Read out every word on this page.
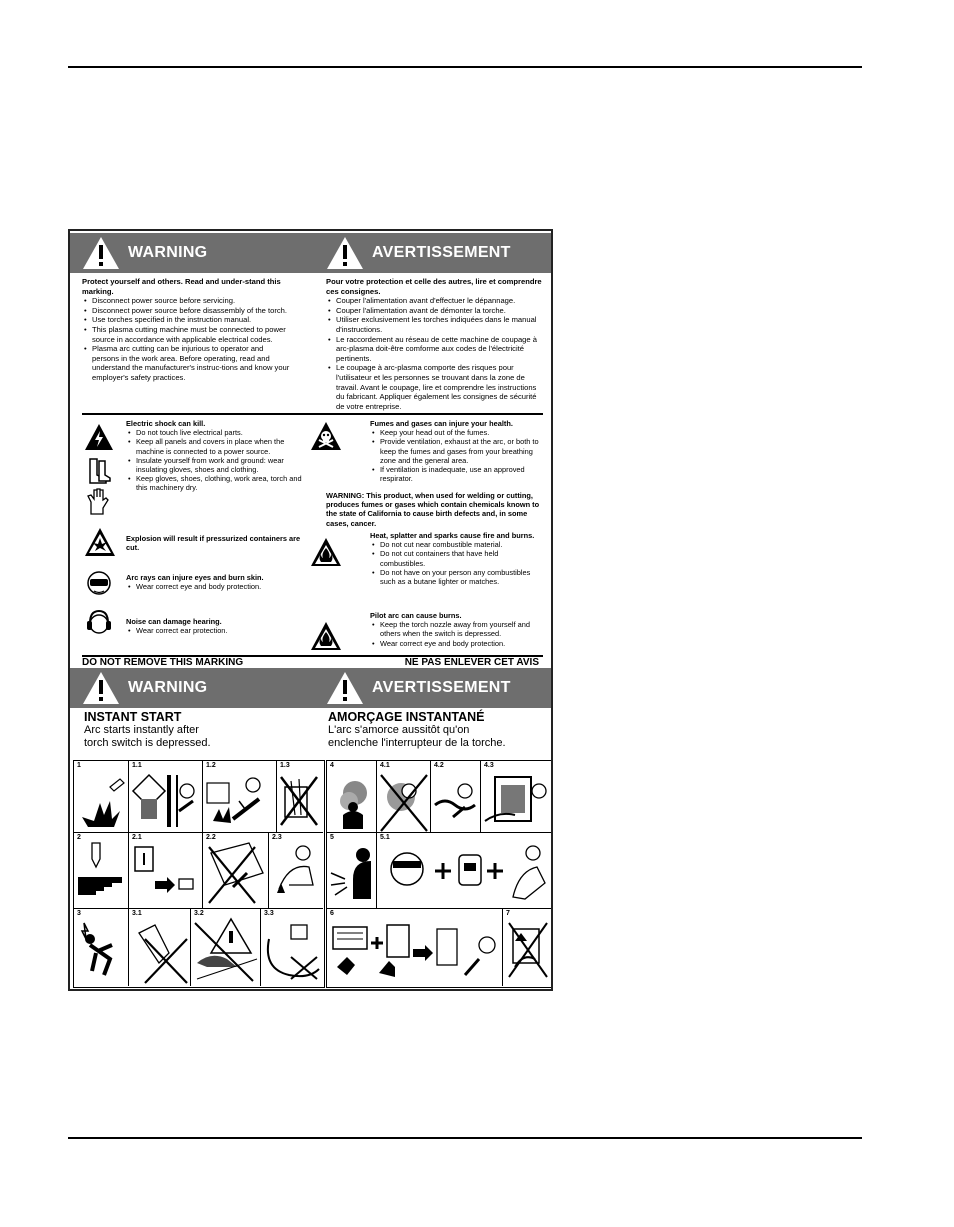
WARNING	AVERTISSEMENT
Protect yourself and others. Read and under-stand this marking.
• Disconnect power source before servicing.
• Disconnect power source before disassembly of the torch.
• Use torches specified in the instruction manual.
• This plasma cutting machine must be connected to power source in accordance with applicable electrical codes.
• Plasma arc cutting can be injurious to operator and persons in the work area. Before operating, read and understand the manufacturer's instruc-tions and know your employer's safety practices.
Pour votre protection et celle des autres, lire et comprendre ces consignes.
• Couper l'alimentation avant d'effectuer le dépannage.
• Couper l'alimentation avant de démonter la torche.
• Utiliser exclusivement les torches indiquées dans le manual d'instructions.
• Le raccordement au réseau de cette machine de coupage à arc-plasma doit-être comforme aux codes de l'électricité pertinents.
• Le coupage à arc-plasma comporte des risques pour l'utilisateur et les personnes se trouvant dans la zone de travail. Avant le coupage, lire et comprendre les instructions du fabricant. Appliquer également les consignes de sécurité de votre entreprise.
Electric shock can kill.
• Do not touch live electrical parts.
• Keep all panels and covers in place when the machine is connected to a power source.
• Insulate yourself from work and ground: wear insulating gloves, shoes and clothing.
• Keep gloves, shoes, clothing, work area, torch and this machinery dry.
Explosion will result if pressurized containers are cut.
Arc rays can injure eyes and burn skin.
• Wear correct eye and body protection.
Noise can damage hearing.
• Wear correct ear protection.
Fumes and gases can injure your health.
• Keep your head out of the fumes.
• Provide ventilation, exhaust at the arc, or both to keep the fumes and gases from your breathing zone and the general area.
• If ventilation is inadequate, use an approved respirator.
WARNING: This product, when used for welding or cutting, produces fumes or gases which contain chemicals known to the state of California to cause birth defects and, in some cases, cancer.
Heat, splatter and sparks cause fire and burns.
• Do not cut near combustible material.
• Do not cut containers that have held combustibles.
• Do not have on your person any combustibles such as a butane lighter or matches.
Pilot arc can cause burns.
• Keep the torch nozzle away from yourself and others when the switch is depressed.
• Wear correct eye and body protection.
DO NOT REMOVE THIS MARKING	NE PAS ENLEVER CET AVIS
WARNING	AVERTISSEMENT
INSTANT START
Arc starts instantly after
torch switch is depressed.
AMORÇAGE INSTANTANÉ
L'arc s'amorce aussitôt qu'on
enclenche l'interrupteur de la torche.
1	1.1	1.2	1.3
2	2.1	2.2	2.3
3	3.1	3.2	3.3
4	4.1	4.2	4.3
5	5.1
6	7
